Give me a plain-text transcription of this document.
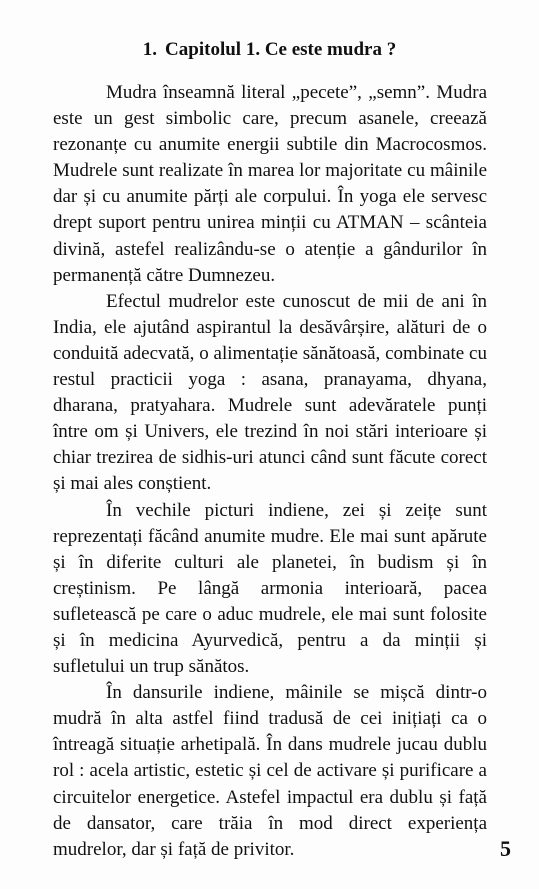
1. Capitolul 1. Ce este mudra ?

Mudra înseamnă literal „pecete”, „semn”. Mudra este un gest simbolic care, precum asanele, creează rezonanțe cu anumite energii subtile din Macrocosmos. Mudrele sunt realizate în marea lor majoritate cu mâinile dar și cu anumite părți ale corpului. În yoga ele servesc drept suport pentru unirea minții cu ATMAN – scânteia divină, astefel realizându-se o atenție a gândurilor în permanență către Dumnezeu.

Efectul mudrelor este cunoscut de mii de ani în India, ele ajutând aspirantul la desăvârșire, alături de o conduită adecvată, o alimentație sănătoasă, combinate cu restul practicii yoga : asana, pranayama, dhyana, dharana, pratyahara. Mudrele sunt adevăratele punți între om și Univers, ele trezind în noi stări interioare și chiar trezirea de sidhis-uri atunci când sunt făcute corect și mai ales conștient.

În vechile picturi indiene, zei și zeițe sunt reprezentați făcând anumite mudre. Ele mai sunt apărute și în diferite culturi ale planetei, în budism și în creștinism. Pe lângă armonia interioară, pacea sufletească pe care o aduc mudrele, ele mai sunt folosite și în medicina Ayurvedică, pentru a da minții și sufletului un trup sănătos.

În dansurile indiene, mâinile se mișcă dintr-o mudră în alta astfel fiind tradusă de cei inițiați ca o întreagă situație arhetipală. În dans mudrele jucau dublu rol : acela artistic, estetic și cel de activare și purificare a circuitelor energetice. Astefel impactul era dublu și față de dansator, care trăia în mod direct experiența mudrelor, dar și față de privitor.	5
